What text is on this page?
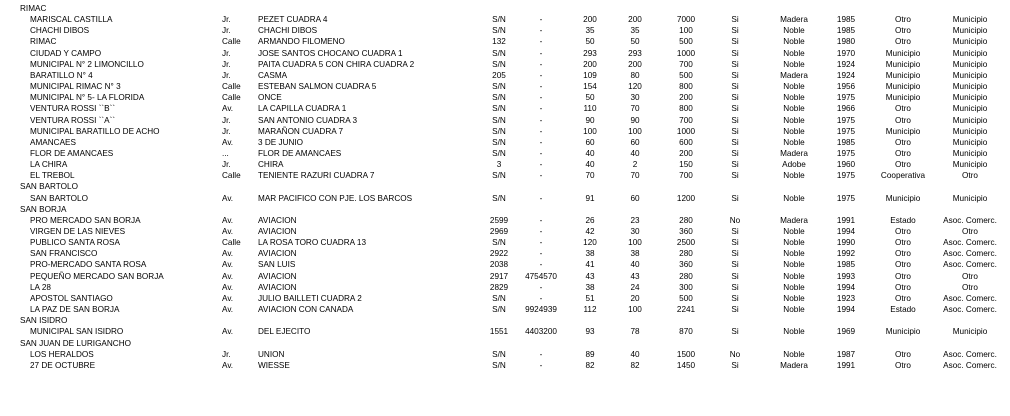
RIMAC
MARISCAL CASTILLA	Jr.	PEZET CUADRA 4	S/N	-	200	200	7000	Si	Madera	1985	Otro	Municipio
CHACHI DIBOS	Jr.	CHACHI DIBOS	S/N	-	35	35	100	Si	Noble	1985	Otro	Municipio
RIMAC	Calle ARMANDO FILOMENO	132	-	50	50	500	Si	Noble	1980	Otro	Municipio
CIUDAD Y CAMPO	Jr.	JOSE SANTOS CHOCANO CUADRA 1	S/N	-	293	293	1000	Si	Noble	1970	Municipio	Municipio
MUNICIPAL N° 2 LIMONCILLO	Jr.	PAITA CUADRA 5 CON CHIRA CUADRA 2	S/N	-	200	200	700	Si	Noble	1924	Municipio	Municipio
BARATILLO N° 4	Jr.	CASMA	205	-	109	80	500	Si	Madera	1924	Municipio	Municipio
MUNICIPAL RIMAC N° 3	Calle ESTEBAN SALMON CUADRA 5	S/N	-	154	120	800	Si	Noble	1956	Municipio	Municipio
MUNICIPAL N° 5- LA FLORIDA	Calle ONCE	S/N	-	50	30	200	Si	Noble	1975	Municipio	Municipio
VENTURA ROSSI ``B``	Av.	LA CAPILLA CUADRA 1	S/N	-	110	70	800	Si	Noble	1966	Otro	Municipio
VENTURA ROSSI ``A``	Jr.	SAN ANTONIO CUADRA 3	S/N	-	90	90	700	Si	Noble	1975	Otro	Municipio
MUNICIPAL BARATILLO DE ACHO	Jr.	MARAÑON CUADRA 7	S/N	-	100	100	1000	Si	Noble	1975	Municipio	Municipio
AMANCAES	Av.	3 DE JUNIO	S/N	-	60	60	600	Si	Noble	1985	Otro	Municipio
FLOR DE AMANCAES	...	FLOR DE AMANCAES	S/N	-	40	40	200	Si	Madera	1975	Otro	Municipio
LA CHIRA	Jr.	CHIRA	3	-	40	2	150	Si	Adobe	1960	Otro	Municipio
EL TREBOL	Calle TENIENTE RAZURI CUADRA 7	S/N	-	70	70	700	Si	Noble	1975	Cooperativa	Otro
SAN BARTOLO
SAN BARTOLO	Av.	MAR PACIFICO CON PJE. LOS BARCOS	S/N	-	91	60	1200	Si	Noble	1975	Municipio	Municipio
SAN BORJA
PRO MERCADO SAN BORJA	Av.	AVIACION	2599	-	26	23	280	No	Madera	1991	Estado	Asoc. Comerc.
VIRGEN DE LAS NIEVES	Av.	AVIACION	2969	-	42	30	360	Si	Noble	1994	Otro	Otro
PUBLICO SANTA ROSA	Calle LA ROSA TORO CUADRA 13	S/N	-	120	100	2500	Si	Noble	1990	Otro	Asoc. Comerc.
SAN FRANCISCO	Av.	AVIACION	2922	-	38	38	280	Si	Noble	1992	Otro	Asoc. Comerc.
PRO-MERCADO SANTA ROSA	Av.	SAN LUIS	2038	-	41	40	360	Si	Noble	1985	Otro	Asoc. Comerc.
PEQUEÑO MERCADO SAN BORJA	Av.	AVIACION	2917 4754570	43	43	280	Si	Noble	1993	Otro	Otro
LA 28	Av.	AVIACION	2829	-	38	24	300	Si	Noble	1994	Otro	Otro
APOSTOL SANTIAGO	Av.	JULIO BAILLETI CUADRA 2	S/N	-	51	20	500	Si	Noble	1923	Otro	Asoc. Comerc.
LA PAZ DE SAN BORJA	Av.	AVIACION CON CANADA	S/N 9924939	112	100	2241	Si	Noble	1994	Estado	Asoc. Comerc.
SAN ISIDRO
MUNICIPAL SAN ISIDRO	Av.	DEL EJECITO	1551 4403200	93	78	870	Si	Noble	1969	Municipio	Municipio
SAN JUAN DE LURIGANCHO
LOS HERALDOS	Jr.	UNION	S/N	-	89	40	1500	No	Noble	1987	Otro	Asoc. Comerc.
27 DE OCTUBRE	Av.	WIESSE	S/N	-	82	82	1450	Si	Madera	1991	Otro	Asoc. Comerc.
